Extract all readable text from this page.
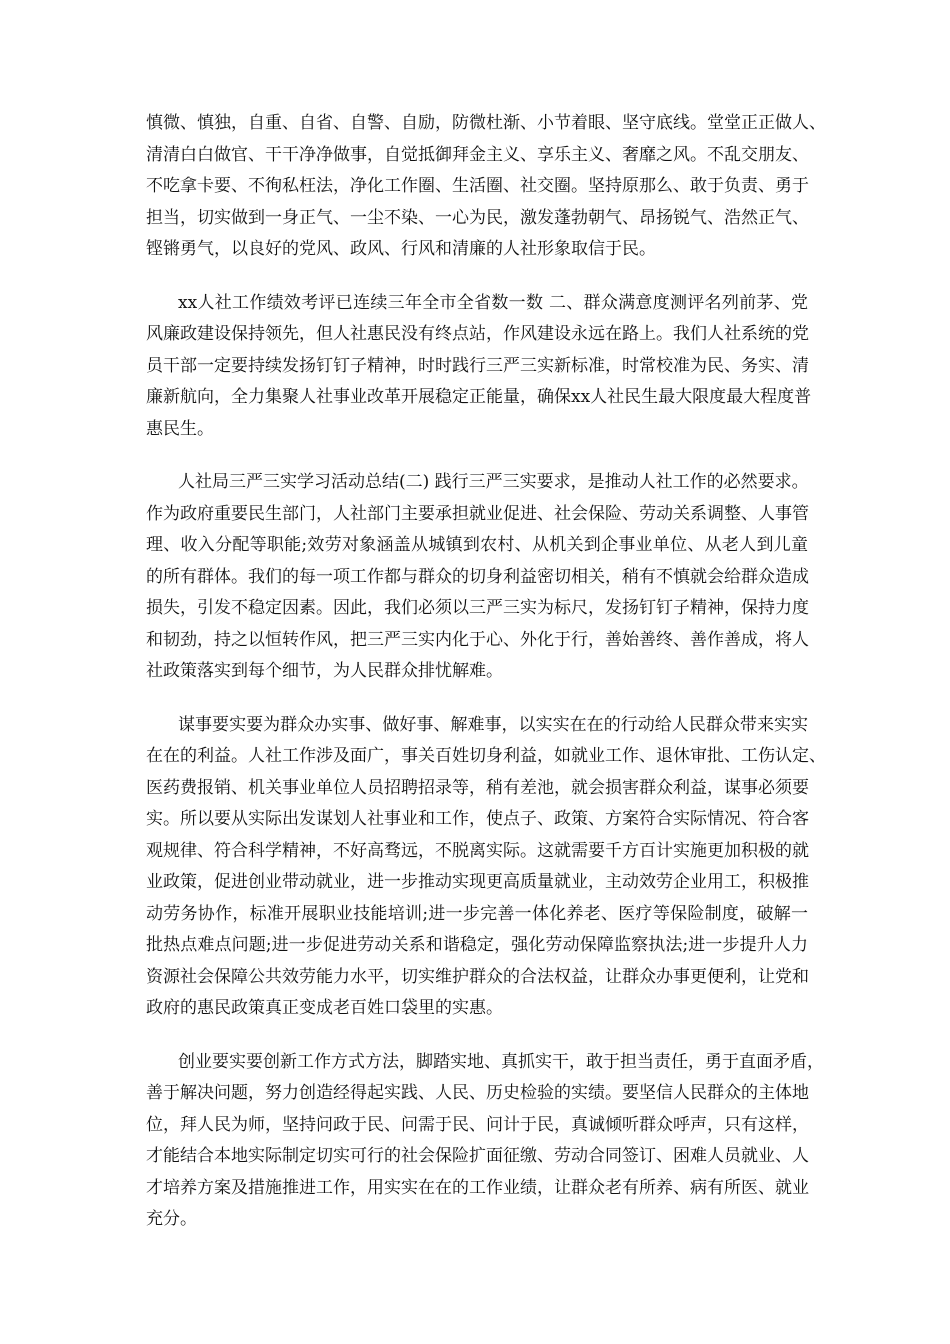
慎微、慎独，自重、自省、自警、自励，防微杜渐、小节着眼、坚守底线。堂堂正正做人、
清清白白做官、干干净净做事，自觉抵御拜金主义、享乐主义、奢靡之风。不乱交朋友、
不吃拿卡要、不徇私枉法，净化工作圈、生活圈、社交圈。坚持原那么、敢于负责、勇于
担当，切实做到一身正气、一尘不染、一心为民，激发蓬勃朝气、昂扬锐气、浩然正气、
铿锵勇气，以良好的党风、政风、行风和清廉的人社形象取信于民。
xx人社工作绩效考评已连续三年全市全省数一数 二、群众满意度测评名列前茅、党
风廉政建设保持领先，但人社惠民没有终点站，作风建设永远在路上。我们人社系统的党
员干部一定要持续发扬钉钉子精神，时时践行三严三实新标准，时常校准为民、务实、清
廉新航向，全力集聚人社事业改革开展稳定正能量，确保xx人社民生最大限度最大程度普
惠民生。
人社局三严三实学习活动总结(二) 践行三严三实要求，是推动人社工作的必然要求。
作为政府重要民生部门，人社部门主要承担就业促进、社会保险、劳动关系调整、人事管
理、收入分配等职能;效劳对象涵盖从城镇到农村、从机关到企事业单位、从老人到儿童
的所有群体。我们的每一项工作都与群众的切身利益密切相关，稍有不慎就会给群众造成
损失，引发不稳定因素。因此，我们必须以三严三实为标尺，发扬钉钉子精神，保持力度
和韧劲，持之以恒转作风，把三严三实内化于心、外化于行，善始善终、善作善成，将人
社政策落实到每个细节，为人民群众排忧解难。
谋事要实要为群众办实事、做好事、解难事，以实实在在的行动给人民群众带来实实
在在的利益。人社工作涉及面广，事关百姓切身利益，如就业工作、退休审批、工伤认定、
医药费报销、机关事业单位人员招聘招录等，稍有差池，就会损害群众利益，谋事必须要
实。所以要从实际出发谋划人社事业和工作，使点子、政策、方案符合实际情况、符合客
观规律、符合科学精神，不好高骛远，不脱离实际。这就需要千方百计实施更加积极的就
业政策，促进创业带动就业，进一步推动实现更高质量就业，主动效劳企业用工，积极推
动劳务协作，标准开展职业技能培训;进一步完善一体化养老、医疗等保险制度，破解一
批热点难点问题;进一步促进劳动关系和谐稳定，强化劳动保障监察执法;进一步提升人力
资源社会保障公共效劳能力水平，切实维护群众的合法权益，让群众办事更便利，让党和
政府的惠民政策真正变成老百姓口袋里的实惠。
创业要实要创新工作方式方法，脚踏实地、真抓实干，敢于担当责任，勇于直面矛盾，
善于解决问题，努力创造经得起实践、人民、历史检验的实绩。要坚信人民群众的主体地
位，拜人民为师，坚持问政于民、问需于民、问计于民，真诚倾听群众呼声，只有这样，
才能结合本地实际制定切实可行的社会保险扩面征缴、劳动合同签订、困难人员就业、人
才培养方案及措施推进工作，用实实在在的工作业绩，让群众老有所养、病有所医、就业
充分。
